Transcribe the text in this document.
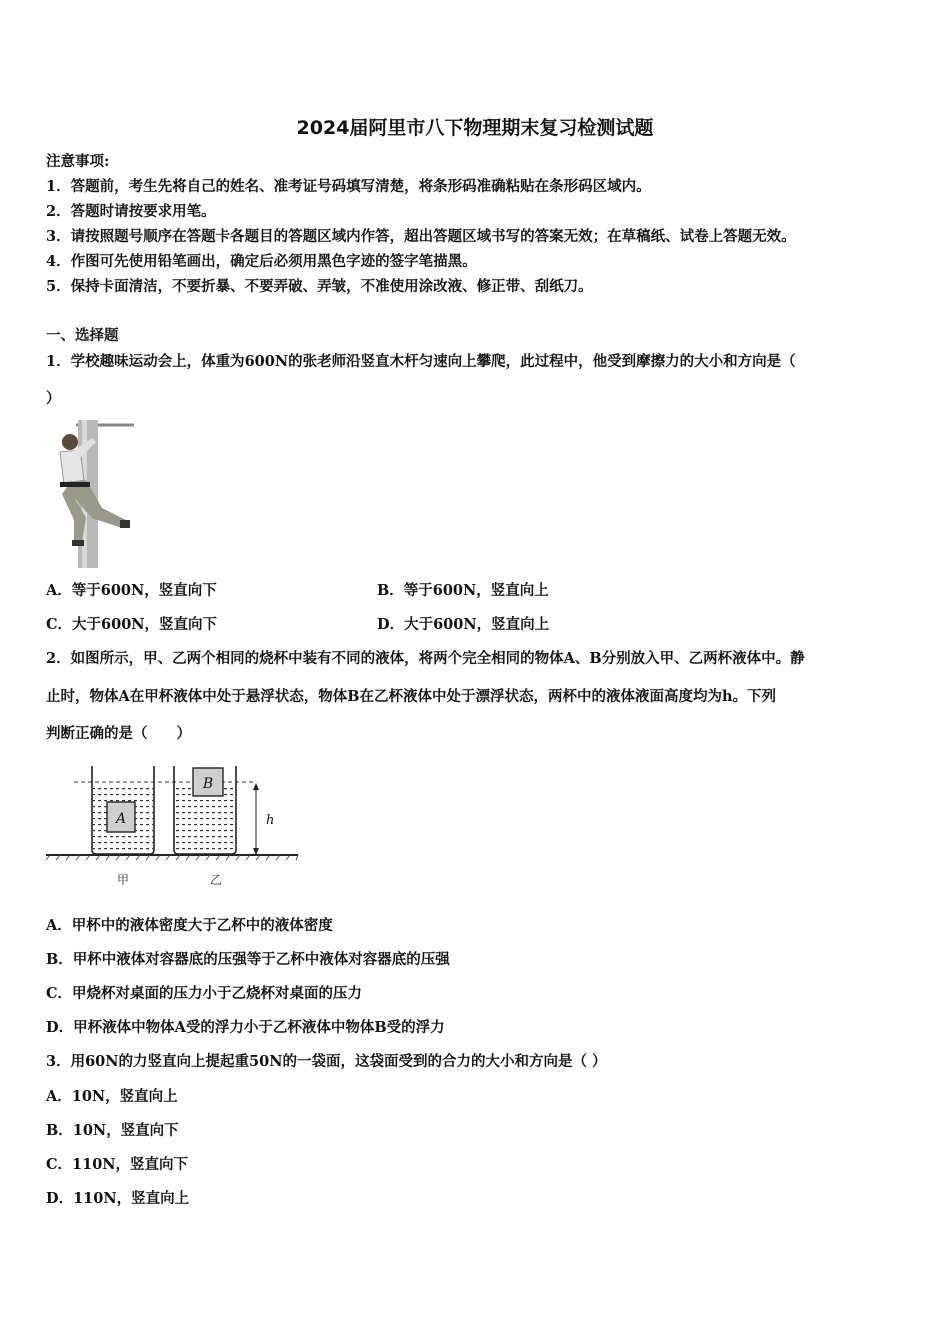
2024届阿里市八下物理期末复习检测试题
注意事项:
1．答题前，考生先将自己的姓名、准考证号码填写清楚，将条形码准确粘贴在条形码区域内。
2．答题时请按要求用笔。
3．请按照题号顺序在答题卡各题目的答题区域内作答，超出答题区域书写的答案无效；在草稿纸、试卷上答题无效。
4．作图可先使用铅笔画出，确定后必须用黑色字迹的签字笔描黑。
5．保持卡面清洁，不要折暴、不要弄破、弄皱，不准使用涂改液、修正带、刮纸刀。
一、选择题
1．学校趣味运动会上，体重为600N的张老师沿竖直木杆匀速向上攀爬，此过程中，他受到摩擦力的大小和方向是（
）
A．等于600N，竖直向下	B．等于600N，竖直向上
C．大于600N，竖直向下	D．大于600N，竖直向上
2．如图所示，甲、乙两个相同的烧杯中装有不同的液体，将两个完全相同的物体A、B分别放入甲、乙两杯液体中。静
止时，物体A在甲杯液体中处于悬浮状态，物体B在乙杯液体中处于漂浮状态，两杯中的液体液面高度均为h。下列
判断正确的是（　　）
A
B
h
甲	乙
A．甲杯中的液体密度大于乙杯中的液体密度
B．甲杯中液体对容器底的压强等于乙杯中液体对容器底的压强
C．甲烧杯对桌面的压力小于乙烧杯对桌面的压力
D．甲杯液体中物体A受的浮力小于乙杯液体中物体B受的浮力
3．用60N的力竖直向上提起重50N的一袋面，这袋面受到的合力的大小和方向是（ ）
A．10N，竖直向上
B．10N，竖直向下
C．110N，竖直向下
D．110N，竖直向上
